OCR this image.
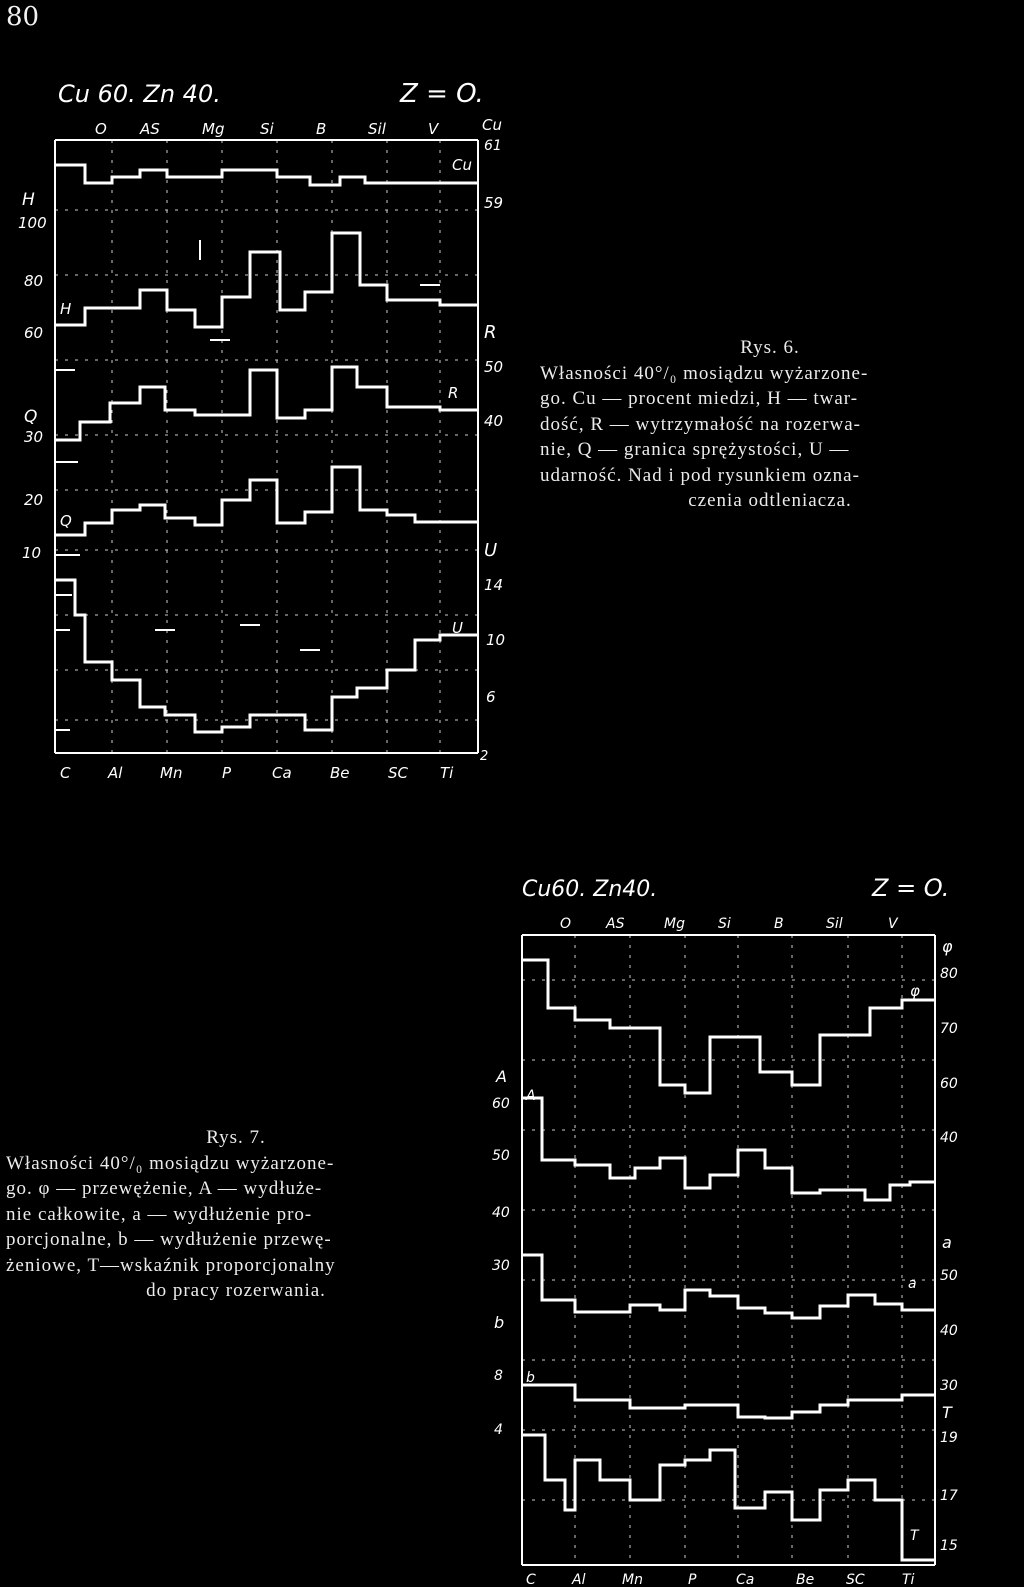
80
Cu 60. Zn 40.	Z = O.
O AS	Mg Si	B	Sil	V
C	Al	Mn	P	Ca	Be	SC Ti
H
100
80
60
Q
30
20
10
Cu
61
59
R
50
40
U
14
10
6
2
Cu
H
R
Q
U
Rys. 6.
Własności 40°/₀ mosiądzu wyżarzone-
go. Cu — procent miedzi, H — twar-
dość, R — wytrzymałość na rozerwa-
nie, Q — granica sprężystości, U —
udarność. Nad i pod rysunkiem ozna-
czenia odtleniacza.
Cu60. Zn40.	Z = O.
O AS	Mg Si	B	Sil	V
C	Al	Mn	P	Ca	Be SC	Ti
A
60
50
40
30
b
8
4
φ
80
70
60
40
a
50
40
30
T
19
17
15
φ
A
a
b
T
Rys. 7.
Własności 40°/₀ mosiądzu wyżarzone-
go. φ — przewężenie, A — wydłuże-
nie całkowite, a — wydłużenie pro-
porcjonalne, b — wydłużenie przewę-
żeniowe, T—wskaźnik proporcjonalny
do pracy rozerwania.
